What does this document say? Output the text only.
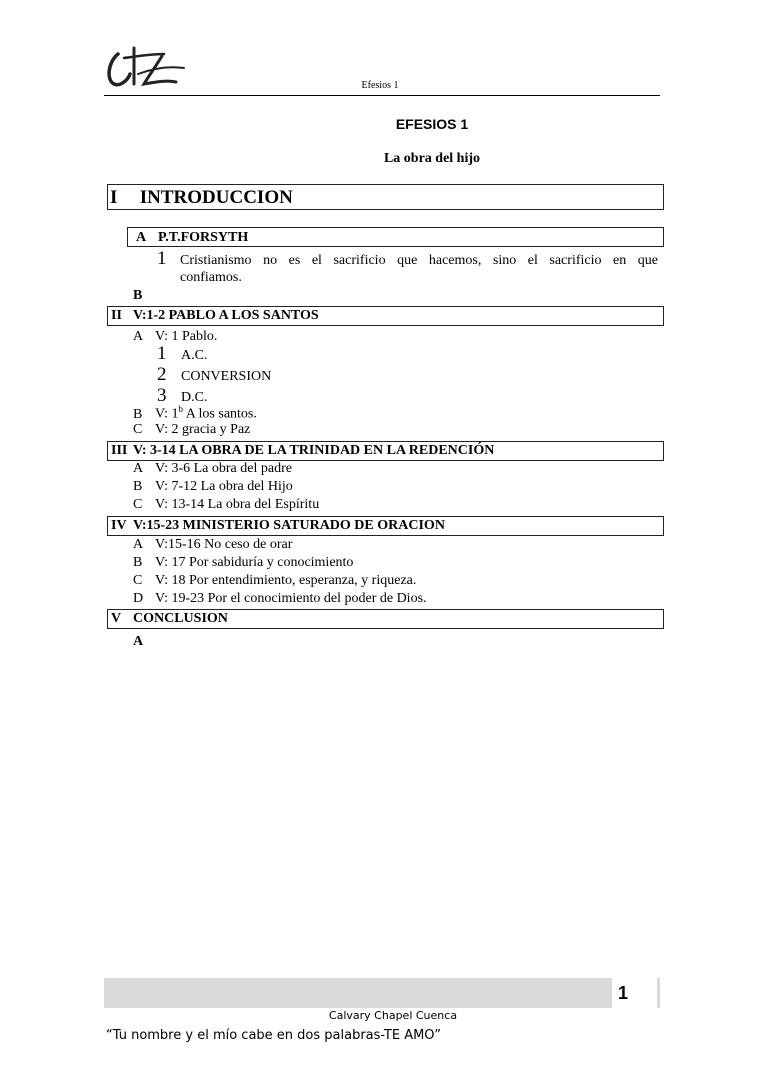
Efesios 1
EFESIOS 1
La obra del hijo
I INTRODUCCION
A P.T.FORSYTH
1 Cristianismo no es el sacrificio que hacemos, sino el sacrificio en que
confiamos.
B
II V:1-2 PABLO A LOS SANTOS
A V: 1 Pablo.
1 A.C.
2 CONVERSION
3 D.C.
B V: 1$^b$ A los santos.
C V: 2 gracia y Paz
III V: 3-14 LA OBRA DE LA TRINIDAD EN LA REDENCIÓN
A V: 3-6 La obra del padre
B V: 7-12 La obra del Hijo
C V: 13-14 La obra del Espíritu
IV V:15-23 MINISTERIO SATURADO DE ORACION
A V:15-16 No ceso de orar
B V: 17 Por sabiduría y conocimiento
C V: 18 Por entendimiento, esperanza, y riqueza.
D V: 19-23 Por el conocimiento del poder de Dios.
V CONCLUSION
A
1
Calvary Chapel Cuenca
“Tu nombre y el mío cabe en dos palabras-TE AMO”
